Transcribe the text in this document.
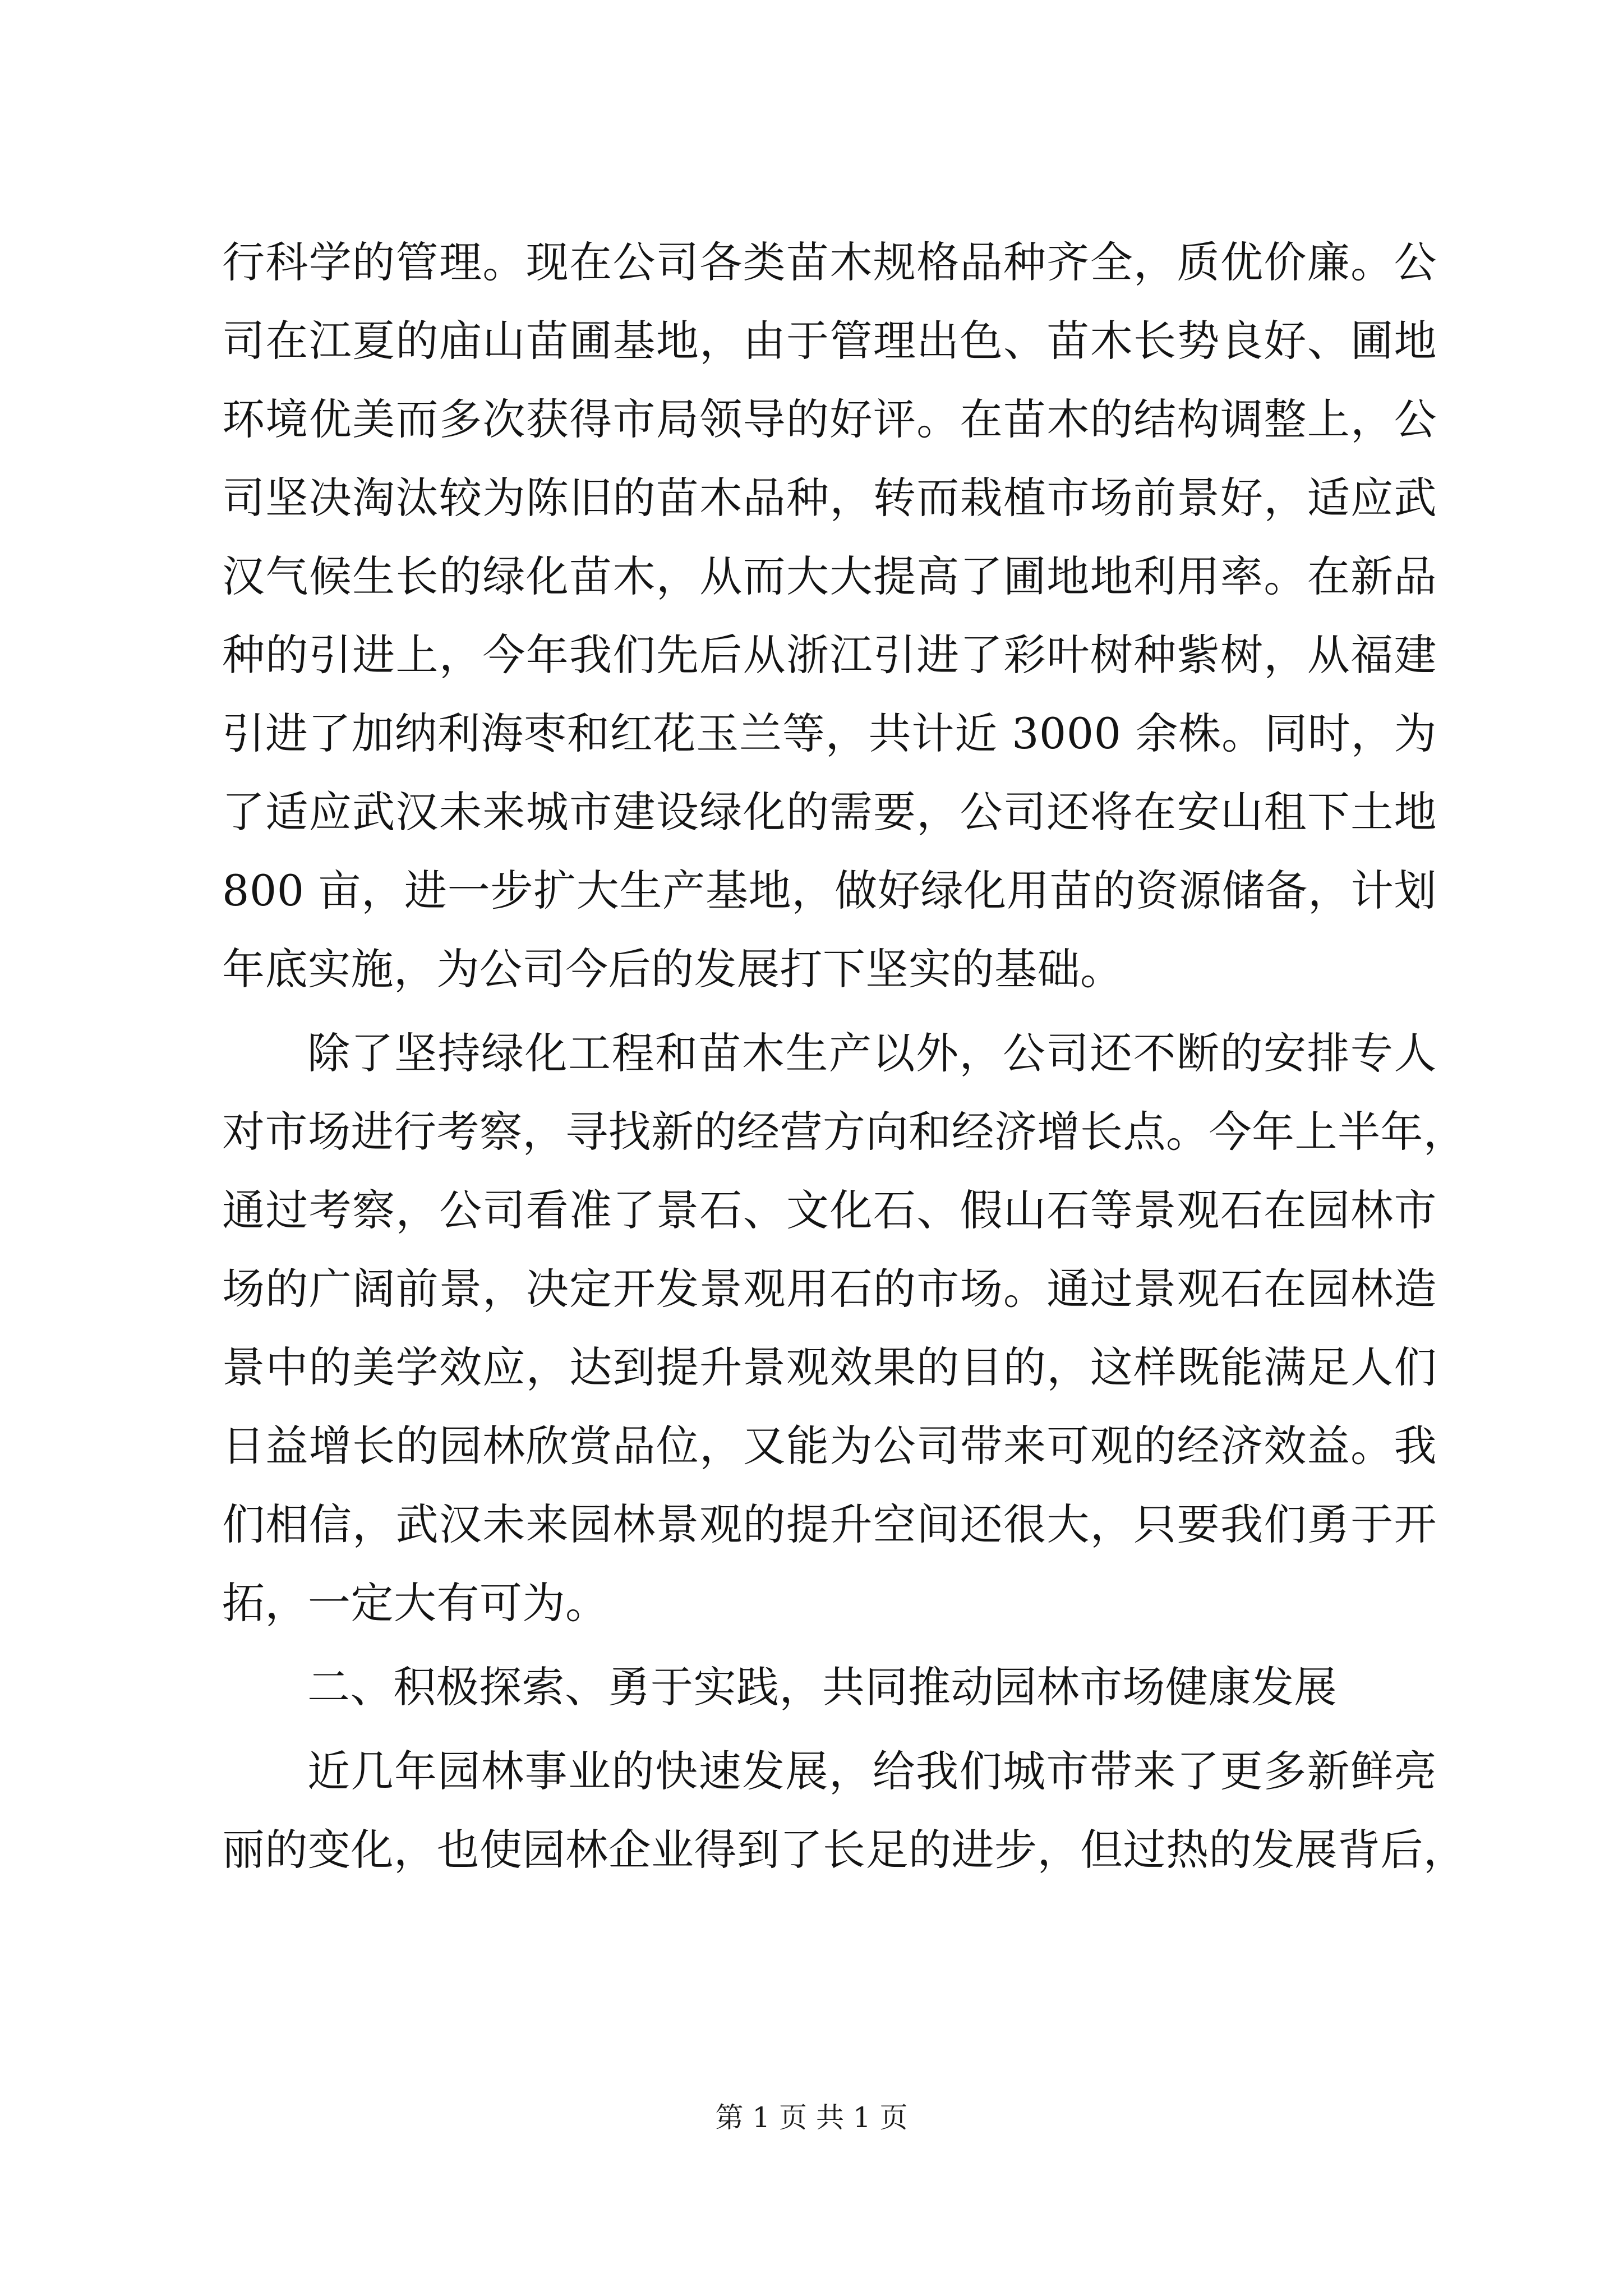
行科学的管理。现在公司各类苗木规格品种齐全，质优价廉。公
司在江夏的庙山苗圃基地，由于管理出色、苗木长势良好、圃地
环境优美而多次获得市局领导的好评。在苗木的结构调整上，公
司坚决淘汰较为陈旧的苗木品种，转而栽植市场前景好，适应武
汉气候生长的绿化苗木，从而大大提高了圃地地利用率。在新品
种的引进上，今年我们先后从浙江引进了彩叶树种紫树，从福建
引进了加纳利海枣和红花玉兰等，共计近 3000 余株。同时，为
了适应武汉未来城市建设绿化的需要，公司还将在安山租下土地
800 亩，进一步扩大生产基地，做好绿化用苗的资源储备，计划
年底实施，为公司今后的发展打下坚实的基础。
除了坚持绿化工程和苗木生产以外，公司还不断的安排专人
对市场进行考察，寻找新的经营方向和经济增长点。今年上半年，
通过考察，公司看准了景石、文化石、假山石等景观石在园林市
场的广阔前景，决定开发景观用石的市场。通过景观石在园林造
景中的美学效应，达到提升景观效果的目的，这样既能满足人们
日益增长的园林欣赏品位，又能为公司带来可观的经济效益。我
们相信，武汉未来园林景观的提升空间还很大，只要我们勇于开
拓，一定大有可为。
二、积极探索、勇于实践，共同推动园林市场健康发展
近几年园林事业的快速发展，给我们城市带来了更多新鲜亮
丽的变化，也使园林企业得到了长足的进步，但过热的发展背后，
第 1 页 共 1 页
